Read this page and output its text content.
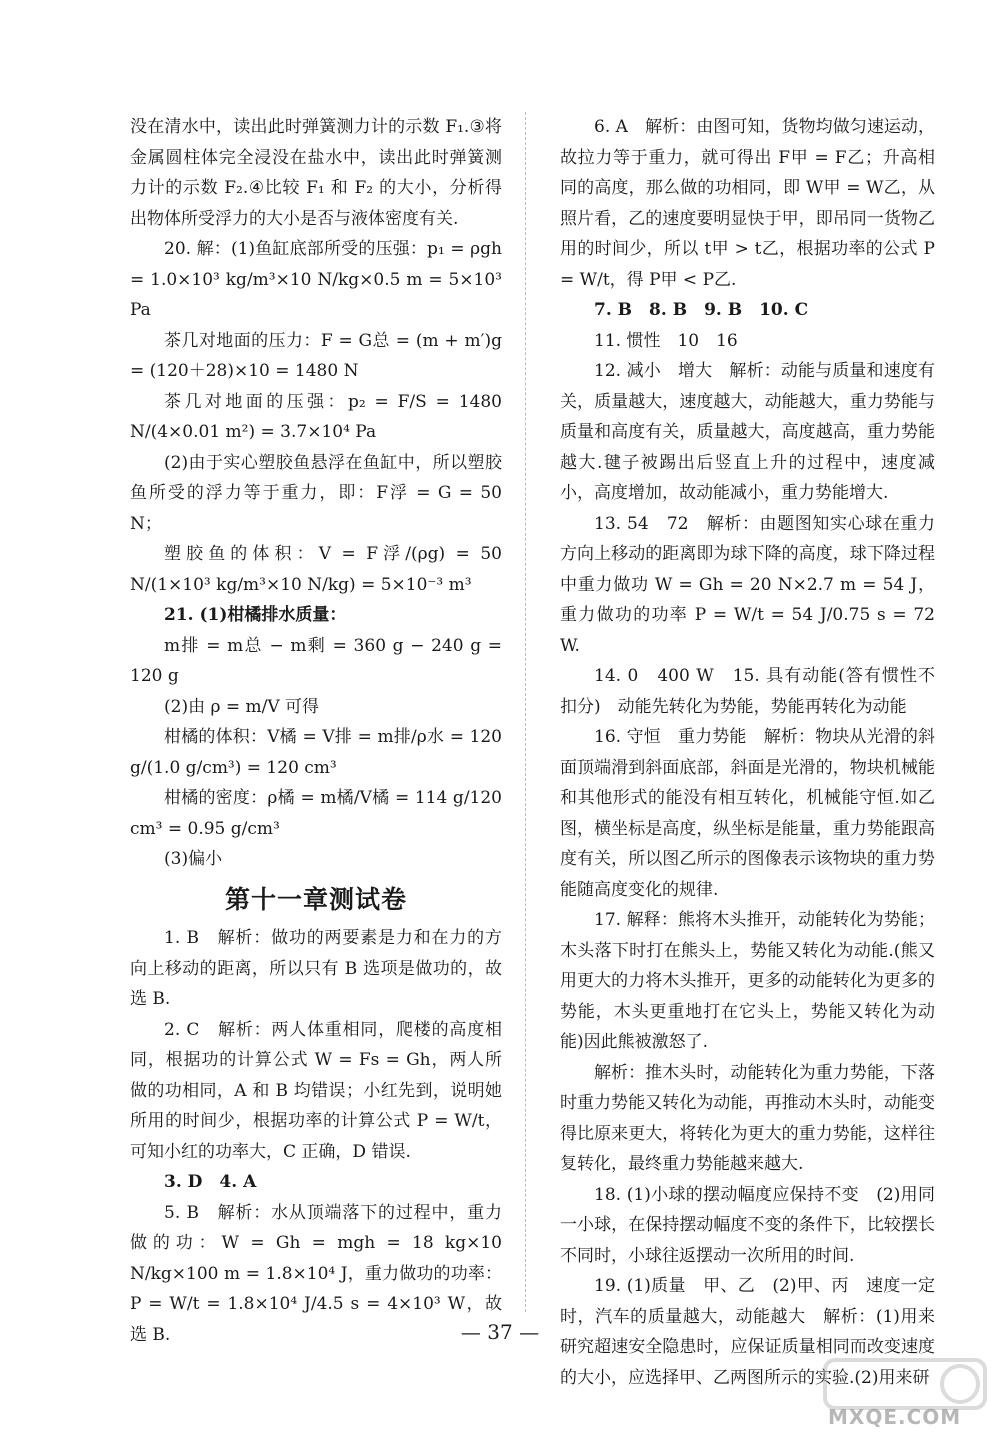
没在清水中，读出此时弹簧测力计的示数 F₁.③将金属圆柱体完全浸没在盐水中，读出此时弹簧测力计的示数 F₂.④比较 F₁ 和 F₂ 的大小，分析得出物体所受浮力的大小是否与液体密度有关.

20. 解：(1)鱼缸底部所受的压强：p₁ = ρgh = 1.0×10³ kg/m³×10 N/kg×0.5 m = 5×10³ Pa

茶几对地面的压力：F = G总 = (m + m′)g = (120＋28)×10 = 1480 N

茶几对地面的压强：p₂ = F/S = 1480 N/(4×0.01 m²) = 3.7×10⁴ Pa

(2)由于实心塑胶鱼悬浮在鱼缸中，所以塑胶鱼所受的浮力等于重力，即：F浮 = G = 50 N；

塑胶鱼的体积：V = F浮/(ρg) = 50 N/(1×10³ kg/m³×10 N/kg) = 5×10⁻³ m³

21. (1)柑橘排水质量：

m排 = m总 − m剩 = 360 g − 240 g = 120 g

(2)由 ρ = m/V 可得

柑橘的体积：V橘 = V排 = m排/ρ水 = 120 g/(1.0 g/cm³) = 120 cm³

柑橘的密度：ρ橘 = m橘/V橘 = 114 g/120 cm³ = 0.95 g/cm³

(3)偏小

第十一章测试卷

1. B　解析：做功的两要素是力和在力的方向上移动的距离，所以只有 B 选项是做功的，故选 B.

2. C　解析：两人体重相同，爬楼的高度相同，根据功的计算公式 W = Fs = Gh，两人所做的功相同，A 和 B 均错误；小红先到，说明她所用的时间少，根据功率的计算公式 P = W/t，可知小红的功率大，C 正确，D 错误.

3. D　4. A

5. B　解析：水从顶端落下的过程中，重力做的功：W = Gh = mgh = 18 kg×10 N/kg×100 m = 1.8×10⁴ J，重力做功的功率：P = W/t = 1.8×10⁴ J/4.5 s = 4×10³ W，故选 B.

6. A　解析：由图可知，货物均做匀速运动，故拉力等于重力，就可得出 F甲 = F乙；升高相同的高度，那么做的功相同，即 W甲 = W乙，从照片看，乙的速度要明显快于甲，即吊同一货物乙用的时间少，所以 t甲 > t乙，根据功率的公式 P = W/t，得 P甲 < P乙.

7. B　8. B　9. B　10. C

11. 惯性　10　16

12. 减小　增大　解析：动能与质量和速度有关，质量越大，速度越大，动能越大，重力势能与质量和高度有关，质量越大，高度越高，重力势能越大.毽子被踢出后竖直上升的过程中，速度减小，高度增加，故动能减小，重力势能增大.

13. 54　72　解析：由题图知实心球在重力方向上移动的距离即为球下降的高度，球下降过程中重力做功 W = Gh = 20 N×2.7 m = 54 J，重力做功的功率 P = W/t = 54 J/0.75 s = 72 W.

14. 0　400 W　15. 具有动能(答有惯性不扣分)　动能先转化为势能，势能再转化为动能

16. 守恒　重力势能　解析：物块从光滑的斜面顶端滑到斜面底部，斜面是光滑的，物块机械能和其他形式的能没有相互转化，机械能守恒.如乙图，横坐标是高度，纵坐标是能量，重力势能跟高度有关，所以图乙所示的图像表示该物块的重力势能随高度变化的规律.

17. 解释：熊将木头推开，动能转化为势能；木头落下时打在熊头上，势能又转化为动能.(熊又用更大的力将木头推开，更多的动能转化为更多的势能，木头更重地打在它头上，势能又转化为动能)因此熊被激怒了.

解析：推木头时，动能转化为重力势能，下落时重力势能又转化为动能，再推动木头时，动能变得比原来更大，将转化为更大的重力势能，这样往复转化，最终重力势能越来越大.

18. (1)小球的摆动幅度应保持不变　(2)用同一小球，在保持摆动幅度不变的条件下，比较摆长不同时，小球往返摆动一次所用的时间.

19. (1)质量　甲、乙　(2)甲、丙　速度一定时，汽车的质量越大，动能越大　解析：(1)用来研究超速安全隐患时，应保证质量相同而改变速度的大小，应选择甲、乙两图所示的实验.(2)用来研

— 37 —
MXQE.COM
